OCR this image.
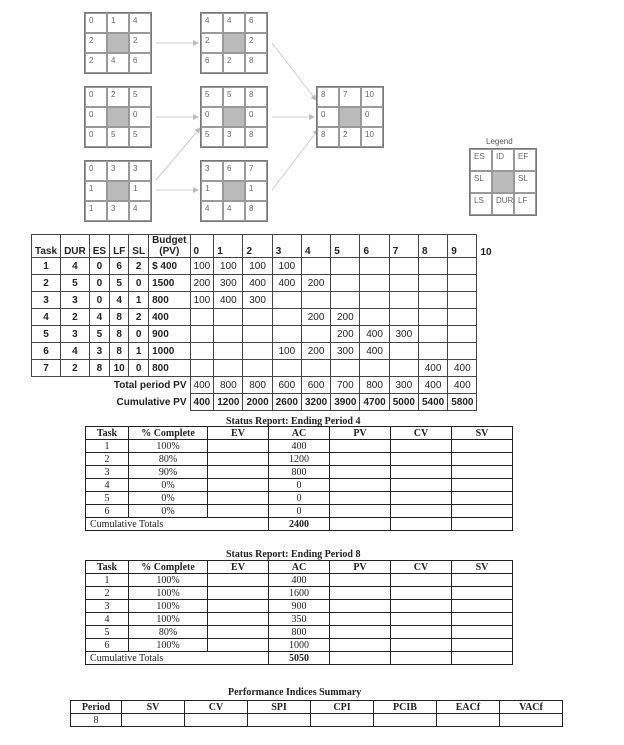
0	1	4
2	2
2	4	6
4	4	6
2	2
6	2	8
0	2	5
0	0
0	5	5
5	5	8
0	0
5	3	8
0	3	3
1	1
1	3	4
3	6	7
1	1
4	4	8
8	7	10
0	0
8	2	10
Legend
ES	ID	EF
SL	SL
LS	DUR LF
Task	DUR	ES	LF	SL	Budget (PV)	0	1	2	3	4	5	6	7	8	9	10
1	4	0	6	2	$ 400	100	100	100	100							
2	5	0	5	0	1500	200	300	400	400	200						
3	3	0	4	1	800	100	400	300								
4	2	4	8	2	400					200	200					
5	3	5	8	0	900						200	400	300			
6	4	3	8	1	1000				100	200	300	400				
7	2	8	10	0	800									400	400	
Total period PV						400	800	800	600	600	700	800	300	400	400	
Cumulative PV						400	1200	2000	2600	3200	3900	4700	5000	5400	5800	
Status Report: Ending Period 4
Task	% Complete	EV	AC	PV	CV	SV
1	100%		400			
2	80%		1200			
3	90%		800			
4	0%		0			
5	0%		0			
6	0%		0			
Cumulative Totals			2400			
Status Report: Ending Period 8
Task	% Complete	EV	AC	PV	CV	SV
1	100%		400			
2	100%		1600			
3	100%		900			
4	100%		350			
5	80%		800			
6	100%		1000			
Cumulative Totals			5050			
Performance Indices Summary
Period	SV	CV	SPI	CPI	PCIB	EACf	VACf
8							
